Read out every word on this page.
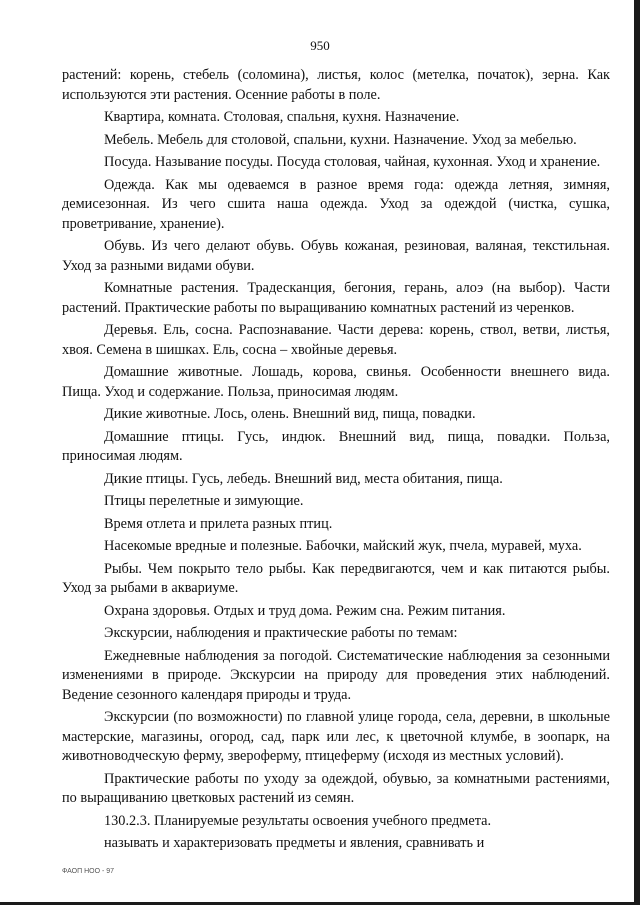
950

растений: корень, стебель (соломина), листья, колос (метелка, початок), зерна. Как используются эти растения. Осенние работы в поле.

Квартира, комната. Столовая, спальня, кухня. Назначение.

Мебель. Мебель для столовой, спальни, кухни. Назначение. Уход за мебелью.

Посуда. Называние посуды. Посуда столовая, чайная, кухонная. Уход и хранение.

Одежда. Как мы одеваемся в разное время года: одежда летняя, зимняя, демисезонная. Из чего сшита наша одежда. Уход за одеждой (чистка, сушка, проветривание, хранение).

Обувь. Из чего делают обувь. Обувь кожаная, резиновая, валяная, текстильная. Уход за разными видами обуви.

Комнатные растения. Традесканция, бегония, герань, алоэ (на выбор). Части растений. Практические работы по выращиванию комнатных растений из черенков.

Деревья. Ель, сосна. Распознавание. Части дерева: корень, ствол, ветви, листья, хвоя. Семена в шишках. Ель, сосна – хвойные деревья.

Домашние животные. Лошадь, корова, свинья. Особенности внешнего вида. Пища. Уход и содержание. Польза, приносимая людям.

Дикие животные. Лось, олень. Внешний вид, пища, повадки.

Домашние птицы. Гусь, индюк. Внешний вид, пища, повадки. Польза, приносимая людям.

Дикие птицы. Гусь, лебедь. Внешний вид, места обитания, пища.

Птицы перелетные и зимующие.

Время отлета и прилета разных птиц.

Насекомые вредные и полезные. Бабочки, майский жук, пчела, муравей, муха.

Рыбы. Чем покрыто тело рыбы. Как передвигаются, чем и как питаются рыбы. Уход за рыбами в аквариуме.

Охрана здоровья. Отдых и труд дома. Режим сна. Режим питания.

Экскурсии, наблюдения и практические работы по темам:

Ежедневные наблюдения за погодой. Систематические наблюдения за сезонными изменениями в природе. Экскурсии на природу для проведения этих наблюдений. Ведение сезонного календаря природы и труда.

Экскурсии (по возможности) по главной улице города, села, деревни, в школьные мастерские, магазины, огород, сад, парк или лес, к цветочной клумбе, в зоопарк, на животноводческую ферму, звероферму, птицеферму (исходя из местных условий).

Практические работы по уходу за одеждой, обувью, за комнатными растениями, по выращиванию цветковых растений из семян.

130.2.3. Планируемые результаты освоения учебного предмета.

называть и характеризовать предметы и явления, сравнивать и

ФАОП НОО - 97
